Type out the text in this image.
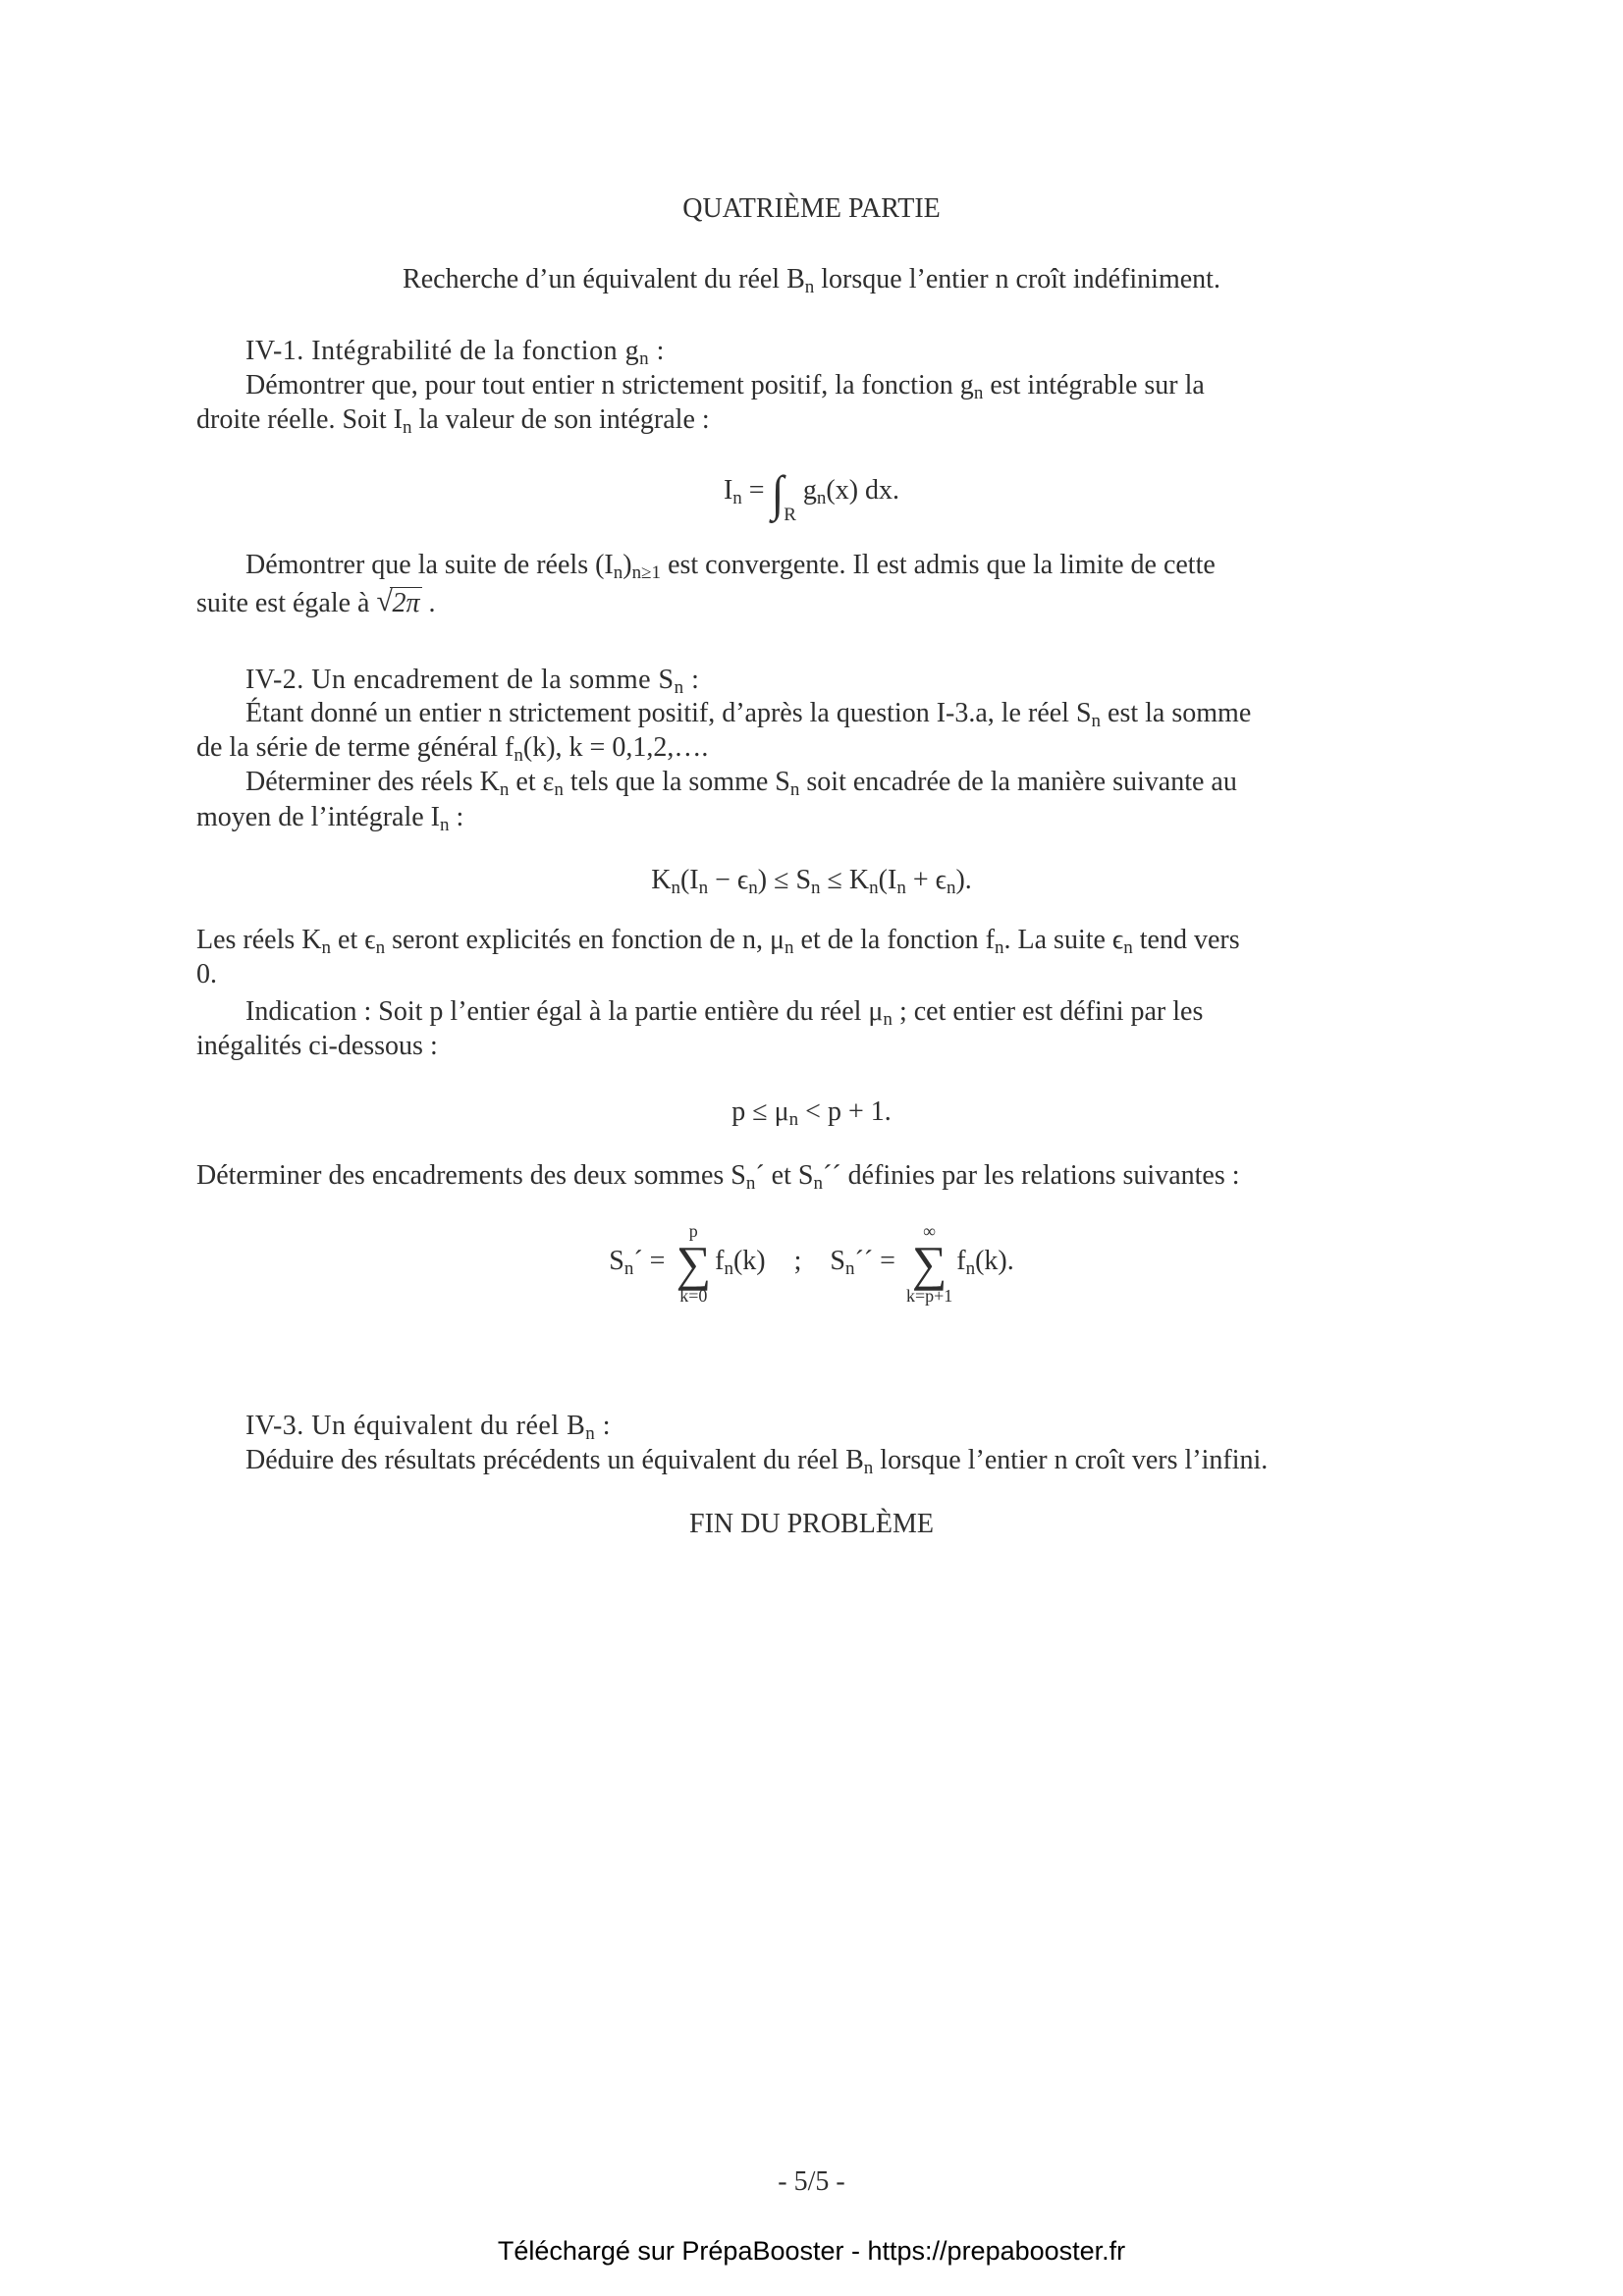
QUATRIÈME PARTIE
Recherche d’un équivalent du réel $B_n$ lorsque l’entier n croît indéfiniment.
IV-1. Intégrabilité de la fonction $g_n$ :
Démontrer que, pour tout entier n strictement positif, la fonction $g_n$ est intégrable sur la
droite réelle. Soit $I_n$ la valeur de son intégrale :
$I_n = \int_R$ $g_n(x)$ dx.
Démontrer que la suite de réels $(I_n)_{n\ge 1}$ est convergente. Il est admis que la limite de cette
suite est égale à √ 2π .
IV-2. Un encadrement de la somme $S_n$ :
Étant donné un entier n strictement positif, d’après la question I-3.a, le réel $S_n$ est la somme
de la série de terme général $f_n(k)$, k = 0,1,2,….
Déterminer des réels $K_n$ et $\varepsilon_n$ tels que la somme $S_n$ soit encadrée de la manière suivante au
moyen de l’intégrale $I_n$ :
$K_n(I_n - \epsilon_n) \le S_n \le K_n(I_n + \epsilon_n)$.
Les réels $K_n$ et $\epsilon_n$ seront explicités en fonction de n, $\mu_n$ et de la fonction $f_n$. La suite $\epsilon_n$ tend vers
0.
Indication : Soit p l’entier égal à la partie entière du réel $\mu_n$ ; cet entier est défini par les
inégalités ci-dessous :
$p \le \mu_n < p + 1$.
Déterminer des encadrements des deux sommes $S_n´$ et $S_n´´$ définies par les relations suivantes :
$S_n´$ =
p
∑
k=0
$f_n(k)$ ; $S_n´´$ =
∞
∑
k=p+1
$f_n(k)$.
IV-3. Un équivalent du réel $B_n$ :
Déduire des résultats précédents un équivalent du réel $B_n$ lorsque l’entier n croît vers l’infini.
FIN DU PROBLÈME
- 5/5 -
Téléchargé sur PrépaBooster - https://prepabooster.fr
